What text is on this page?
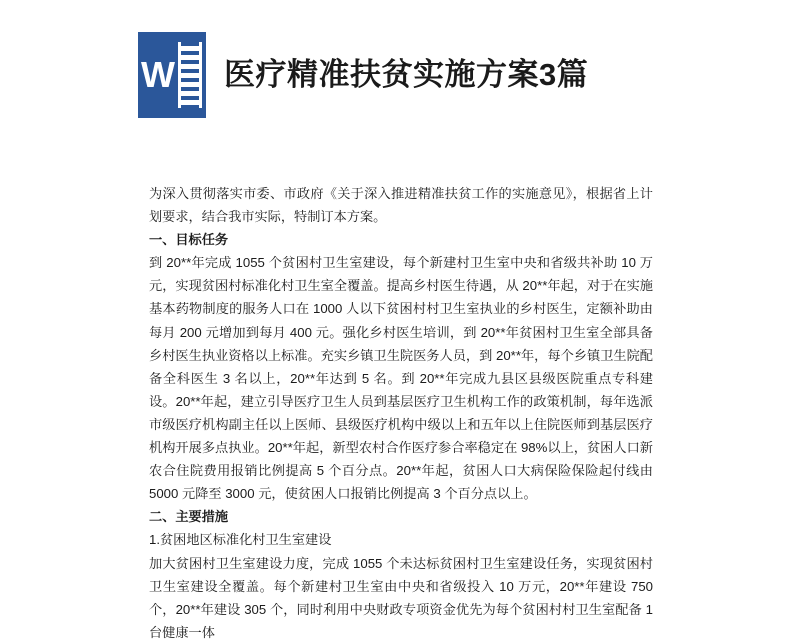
W 医疗精准扶贫实施方案3篇

为深入贯彻落实市委、市政府《关于深入推进精准扶贫工作的实施意见》，根据省上计划要求，结合我市实际，特制订本方案。

一、目标任务

到 20**年完成 1055 个贫困村卫生室建设，每个新建村卫生室中央和省级共补助 10 万元，实现贫困村标准化村卫生室全覆盖。提高乡村医生待遇，从 20**年起，对于在实施基本药物制度的服务人口在 1000 人以下贫困村村卫生室执业的乡村医生，定额补助由每月 200 元增加到每月 400 元。强化乡村医生培训，到 20**年贫困村卫生室全部具备乡村医生执业资格以上标准。充实乡镇卫生院医务人员，到 20**年，每个乡镇卫生院配备全科医生 3 名以上，20**年达到 5 名。到 20**年完成九县区县级医院重点专科建设。20**年起，建立引导医疗卫生人员到基层医疗卫生机构工作的政策机制，每年选派市级医疗机构副主任以上医师、县级医疗机构中级以上和五年以上住院医师到基层医疗机构开展多点执业。20**年起，新型农村合作医疗参合率稳定在 98%以上，贫困人口新农合住院费用报销比例提高 5 个百分点。20**年起，贫困人口大病保险保险起付线由 5000 元降至 3000 元，使贫困人口报销比例提高 3 个百分点以上。

二、主要措施

1.贫困地区标准化村卫生室建设

加大贫困村卫生室建设力度，完成 1055 个未达标贫困村卫生室建设任务，实现贫困村卫生室建设全覆盖。每个新建村卫生室由中央和省级投入 10 万元，20**年建设 750 个，20**年建设 305 个，同时利用中央财政专项资金优先为每个贫困村村卫生室配备 1 台健康一体
